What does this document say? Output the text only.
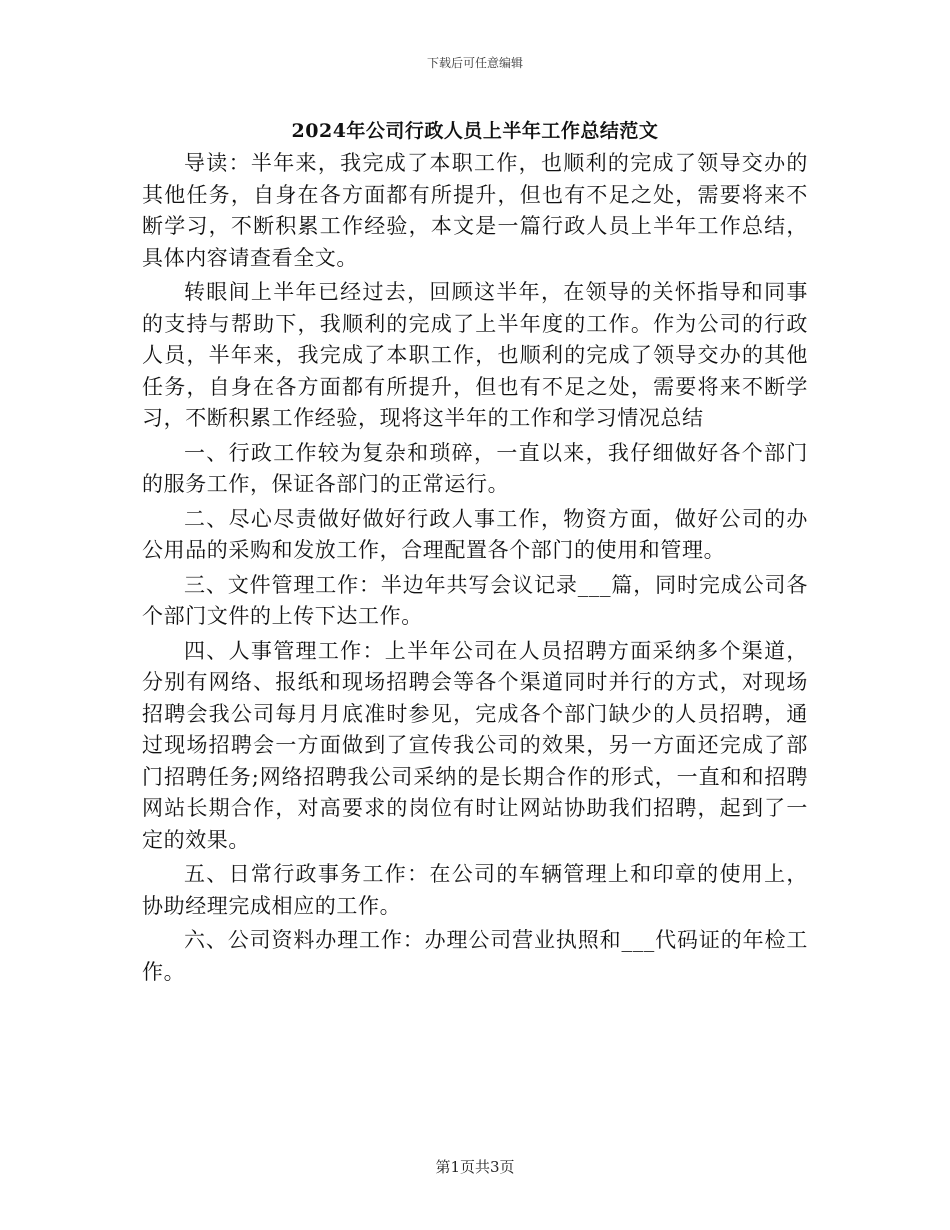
下载后可任意编辑
2024年公司行政人员上半年工作总结范文

导读：半年来，我完成了本职工作，也顺利的完成了领导交办的其他任务，自身在各方面都有所提升，但也有不足之处，需要将来不断学习，不断积累工作经验，本文是一篇行政人员上半年工作总结，具体内容请查看全文。

转眼间上半年已经过去，回顾这半年，在领导的关怀指导和同事的支持与帮助下，我顺利的完成了上半年度的工作。作为公司的行政人员，半年来，我完成了本职工作，也顺利的完成了领导交办的其他任务，自身在各方面都有所提升，但也有不足之处，需要将来不断学习，不断积累工作经验，现将这半年的工作和学习情况总结

一、行政工作较为复杂和琐碎，一直以来，我仔细做好各个部门的服务工作，保证各部门的正常运行。

二、尽心尽责做好做好行政人事工作，物资方面，做好公司的办公用品的采购和发放工作，合理配置各个部门的使用和管理。

三、文件管理工作：半边年共写会议记录___篇，同时完成公司各个部门文件的上传下达工作。

四、人事管理工作：上半年公司在人员招聘方面采纳多个渠道，分别有网络、报纸和现场招聘会等各个渠道同时并行的方式，对现场招聘会我公司每月月底准时参见，完成各个部门缺少的人员招聘，通过现场招聘会一方面做到了宣传我公司的效果，另一方面还完成了部门招聘任务;网络招聘我公司采纳的是长期合作的形式，一直和和招聘网站长期合作，对高要求的岗位有时让网站协助我们招聘，起到了一定的效果。

五、日常行政事务工作：在公司的车辆管理上和印章的使用上，协助经理完成相应的工作。

六、公司资料办理工作：办理公司营业执照和___代码证的年检工作。

第1页共3页
